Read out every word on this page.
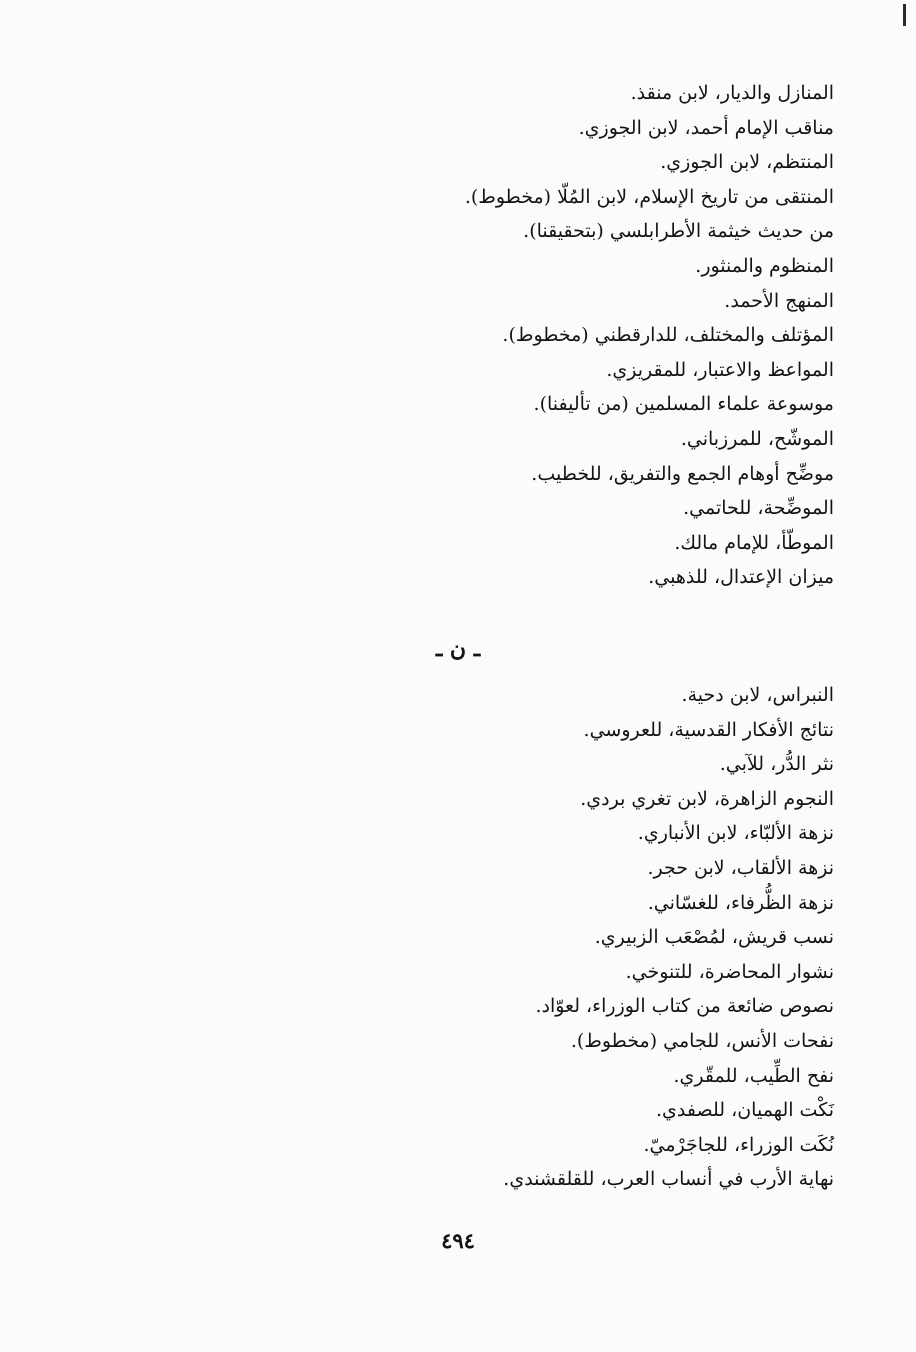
المنازل والديار، لابن منقذ.
مناقب الإمام أحمد، لابن الجوزي.
المنتظم، لابن الجوزي.
المنتقى من تاريخ الإسلام، لابن المُلّا (مخطوط).
من حديث خيثمة الأطرابلسي (بتحقيقنا).
المنظوم والمنثور.
المنهج الأحمد.
المؤتلف والمختلف، للدارقطني (مخطوط).
المواعظ والاعتبار، للمقريزي.
موسوعة علماء المسلمين (من تأليفنا).
الموشّح، للمرزباني.
موضِّح أوهام الجمع والتفريق، للخطيب.
الموضِّحة، للحاتمي.
الموطّأ، للإمام مالك.
ميزان الإعتدال، للذهبي.
ـ ن ـ
النبراس، لابن دحية.
نتائج الأفكار القدسية، للعروسي.
نثر الدُّر، للآبي.
النجوم الزاهرة، لابن تغري بردي.
نزهة الألبّاء، لابن الأنباري.
نزهة الألقاب، لابن حجر.
نزهة الظُّرفاء، للغسّاني.
نسب قريش، لمُصْعَب الزبيري.
نشوار المحاضرة، للتنوخي.
نصوص ضائعة من كتاب الوزراء، لعوّاد.
نفحات الأنس، للجامي (مخطوط).
نفح الطِّيب، للمقّري.
نَكْت الهميان، للصفدي.
نُكَت الوزراء، للجاجَرْميّ.
نهاية الأرب في أنساب العرب، للقلقشندي.
٤٩٤
